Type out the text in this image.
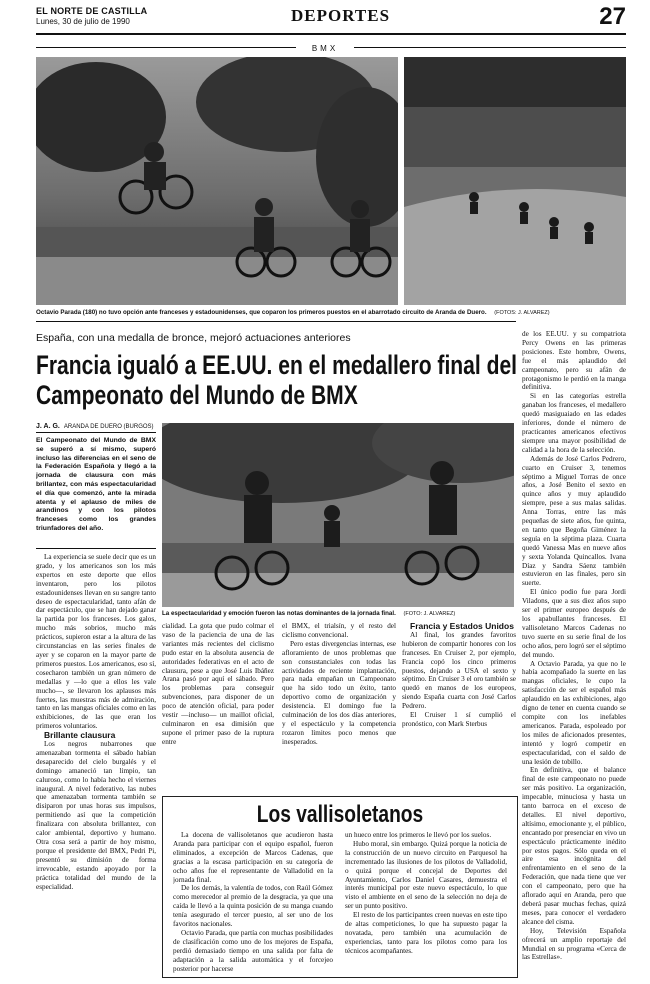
EL NORTE DE CASTILLA
Lunes, 30 de julio de 1990	DEPORTES	27
BMX
Octavio Parada (180) no tuvo opción ante franceses y estadounidenses, que coparon los primeros puestos en el abarrotado circuito de Aranda de Duero. (FOTOS: J. ALVAREZ)
España, con una medalla de bronce, mejoró actuaciones anteriores
Francia igualó a EE.UU. en el medallero final del Campeonato del Mundo de BMX
J. A. G. ARANDA DE DUERO (BURGOS)
La espectacularidad y emoción fueron las notas dominantes de la jornada final. (FOTO: J. ALVAREZ)

El Campeonato del Mundo de BMX se superó a sí mismo, superó incluso las diferencias en el seno de la Federación Española y llegó a la jornada de clausura con más brillantez, con más espectacularidad el día que comenzó, ante la mirada atenta y el aplauso de miles de arandinos y con los pilotos franceses como los grandes triunfadores del año.

La experiencia se suele decir que es un grado, y los americanos son los más expertos en este deporte que ellos inventaron, pero los pilotos estadounidenses llevan en su sangre tanto deseo de espectacularidad, tanto afán de dar espectáculo, que se han dejado ganar la partida por los franceses. Los galos, mucho más sobrios, mucho más prácticos, supieron estar a la altura de las circunstancias en las series finales de ayer y se coparon en la mayor parte de primeros puestos. Los americanos, eso sí, cosecharon también un gran número de medallas y —lo que a ellos les vale mucho—, se llevaron los aplausos más fuertes, las muestras más de admiración, tanto en las mangas oficiales como en las exhibiciones, de las que eran los primeros voluntarios.

Brillante clausura

Los negros nubarrones que amenazaban tormenta el sábado habían desaparecido del cielo burgalés y el domingo amaneció tan limpio, tan caluroso, como lo había hecho el viernes inaugural. A nivel federativo, las nubes que amenazaban tormenta también se disiparon por unas horas sus impulsos, permitiendo así que la competición finalizara con absoluta brillantez, con calor ambiental, deportivo y humano. Otra cosa será a partir de hoy mismo, porque el presidente del BMX, Pedri Pi, presentó su dimisión de forma irrevocable, estando apoyado por la práctica totalidad del mundo de la especialidad.

cialidad. La gota que pudo colmar el vaso de la paciencia de una de las variantes más recientes del ciclismo pudo estar en la absoluta ausencia de autoridades federativas en el acto de clausura, pese a que José Luis Ibáñez Arana pasó por aquí el sábado. Pero los problemas para conseguir subvenciones, para disponer de un poco de atención oficial, para poder vestir —incluso— un maillot oficial, culminaron en esa dimisión que supone el primer paso de la ruptura entre

el BMX, el trialsín, y el resto del ciclismo convencional.

Pero estas divergencias internas, ese afloramiento de unos problemas que son consustanciales con todas las actividades de reciente implantación, para nada empañan un Campeonato que ha sido todo un éxito, tanto deportivo como de organización y desistencia. El domingo fue la culminación de los dos días anteriores, y el espectáculo y la competencia rozaron límites poco menos que inesperados.

Francia y Estados Unidos

Al final, los grandes favoritos hubieron de compartir honores con los franceses. En Cruiser 2, por ejemplo, Francia copó los cinco primeros puestos, dejando a USA el sexto y séptimo. En Cruiser 3 el oro también se quedó en manos de los europeos, siendo España cuarta con José Carlos Pedrero.

El Cruiser 1 sí cumplió el pronóstico, con Mark Sterbus

de los EE.UU. y su compatriota Percy Owens en las primeras posiciones. Este hombre, Owens, fue el más aplaudido del campeonato, pero su afán de protagonismo le perdió en la manga definitiva.

Si en las categorías estrella ganaban los franceses, el medallero quedó masiguaiado en las edades inferiores, donde el número de practicantes americanos efectivos siempre una mayor posibilidad de calidad a la hora de la selección.

Además de José Carlos Pedrero, cuarto en Cruiser 3, tenemos séptimo a Miguel Torras de once años, a José Benito el sexto en quince años y muy aplaudido siempre, pese a sus malas salidas. Anna Torras, entre las más pequeñas de siete años, fue quinta, en tanto que Begoña Giménez la seguía en la séptima plaza. Cuarta quedó Vanessa Mas en nueve años y sexta Yolanda Quincallos. Ivana Díaz y Sandra Sáenz también estuvieron en las finales, pero sin suerte.

El único podio fue para Jordi Viladons, que a sus diez años supo ser el primer europeo después de los apabullantes franceses. El vallisoletano Marcos Cadenas no tuvo suerte en su serie final de los ocho años, pero logró ser el séptimo del mundo.

A Octavio Parada, ya que no le había acompañado la suerte en las mangas oficiales, le cupo la satisfacción de ser el español más aplaudido en las exhibiciones, algo digno de tener en cuenta cuando se compite con los inefables americanos. Parada, espoleado por los miles de aficionados presentes, intentó y logró competir en espectacularidad, con el saldo de una lesión de tobillo.

En definitiva, que el balance final de este campeonato no puede ser más positivo. La organización, impecable, minuciosa y hasta un tanto barroca en el exceso de detalles. El nivel deportivo, altísimo, emocionante y, el público, encantado por presenciar en vivo un espectáculo prácticamente inédito por estos pagos. Sólo queda en el aire esa incógnita del enfrentamiento en el seno de la Federación, que nada tiene que ver con el campeonato, pero que ha aflorado aquí en Aranda, pero que deberá pasar muchas fechas, quizá meses, para conocer el verdadero alcance del cisma.

Hoy, Televisión Española ofrecerá un amplio reportaje del Mundial en su programa «Cerca de las Estrellas».

Los vallisoletanos

La docena de vallisoletanos que acudieron hasta Aranda para participar con el equipo español, fueron eliminados, a excepción de Marcos Cadenas, que gracias a la escasa participación en su categoría de ocho años fue el representante de Valladolid en la jornada final.

De los demás, la valentía de todos, con Raúl Gómez como merecedor al premio de la desgracia, ya que una caída le llevó a la quinta posición de su manga cuando tenía asegurado el tercer puesto, al ser uno de los favoritos nacionales.

Octavio Parada, que partía con muchas posibilidades de clasificación como uno de los mejores de España, perdió demasiado tiempo en una salida por falta de adaptación a la salida automática y el forcejeo posterior por hacerse

un hueco entre los primeros le llevó por los suelos.

Hubo moral, sin embargo. Quizá porque la noticia de la construcción de un nuevo circuito en Parquesol ha incrementado las ilusiones de los pilotos de Valladolid, o quizá porque el concejal de Deportes del Ayuntamiento, Carlos Daniel Casares, demuestra el interés municipal por este nuevo espectáculo, lo que visto el ambiente en el seno de la selección no deja de ser un punto positivo.

El resto de los participantes creen nuevas en este tipo de altas competiciones, lo que ha supuesto pagar la novatada, pero también una acumulación de experiencias, tanto para los pilotos como para los técnicos acompañantes.
